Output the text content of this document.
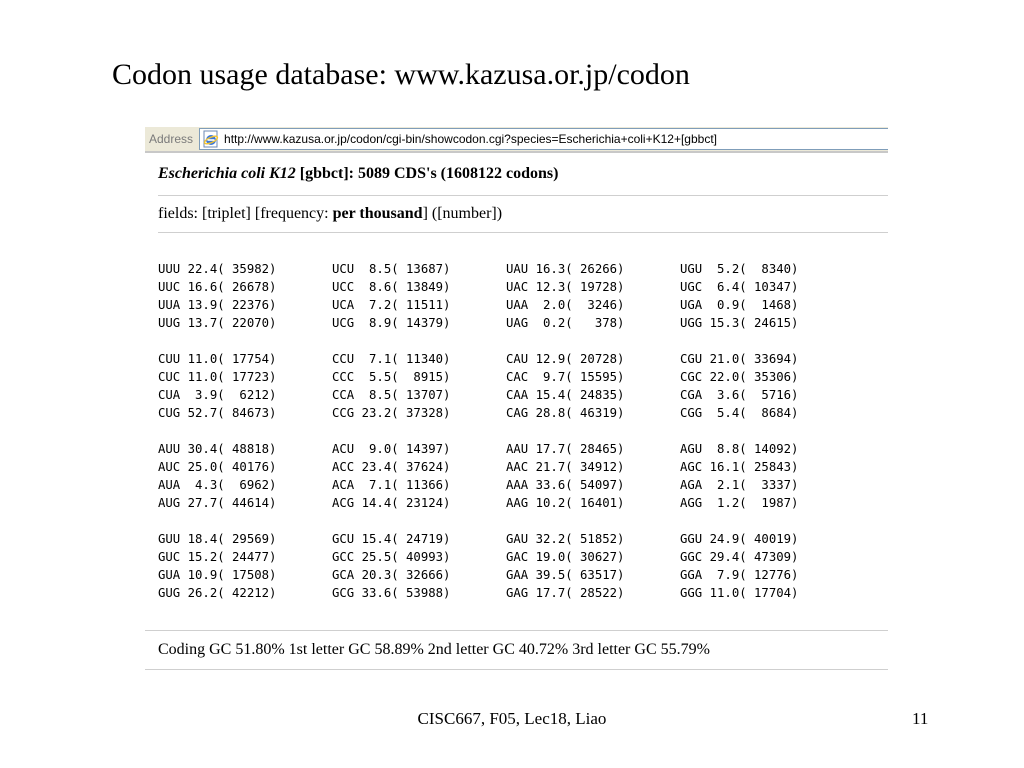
Codon usage database: www.kazusa.or.jp/codon
Address	http://www.kazusa.or.jp/codon/cgi-bin/showcodon.cgi?species=Escherichia+coli+K12+[gbbct]
Escherichia coli K12 [gbbct]: 5089 CDS's (1608122 codons)
fields: [triplet] [frequency: per thousand ] ([number])
UUU 22.4( 35982)	UCU  8.5( 13687)	UAU 16.3( 26266)	UGU  5.2(  8340)
UUC 16.6( 26678)	UCC  8.6( 13849)	UAC 12.3( 19728)	UGC  6.4( 10347)
UUA 13.9( 22376)	UCA  7.2( 11511)	UAA  2.0(  3246)	UGA  0.9(  1468)
UUG 13.7( 22070)	UCG  8.9( 14379)	UAG  0.2(   378)	UGG 15.3( 24615)
CUU 11.0( 17754)	CCU  7.1( 11340)	CAU 12.9( 20728)	CGU 21.0( 33694)
CUC 11.0( 17723)	CCC  5.5(  8915)	CAC  9.7( 15595)	CGC 22.0( 35306)
CUA  3.9(  6212)	CCA  8.5( 13707)	CAA 15.4( 24835)	CGA  3.6(  5716)
CUG 52.7( 84673)	CCG 23.2( 37328)	CAG 28.8( 46319)	CGG  5.4(  8684)
AUU 30.4( 48818)	ACU  9.0( 14397)	AAU 17.7( 28465)	AGU  8.8( 14092)
AUC 25.0( 40176)	ACC 23.4( 37624)	AAC 21.7( 34912)	AGC 16.1( 25843)
AUA  4.3(  6962)	ACA  7.1( 11366)	AAA 33.6( 54097)	AGA  2.1(  3337)
AUG 27.7( 44614)	ACG 14.4( 23124)	AAG 10.2( 16401)	AGG  1.2(  1987)
GUU 18.4( 29569)	GCU 15.4( 24719)	GAU 32.2( 51852)	GGU 24.9( 40019)
GUC 15.2( 24477)	GCC 25.5( 40993)	GAC 19.0( 30627)	GGC 29.4( 47309)
GUA 10.9( 17508)	GCA 20.3( 32666)	GAA 39.5( 63517)	GGA  7.9( 12776)
GUG 26.2( 42212)	GCG 33.6( 53988)	GAG 17.7( 28522)	GGG 11.0( 17704)
Coding GC 51.80% 1st letter GC 58.89% 2nd letter GC 40.72% 3rd letter GC 55.79%
CISC667, F05, Lec18, Liao	11
